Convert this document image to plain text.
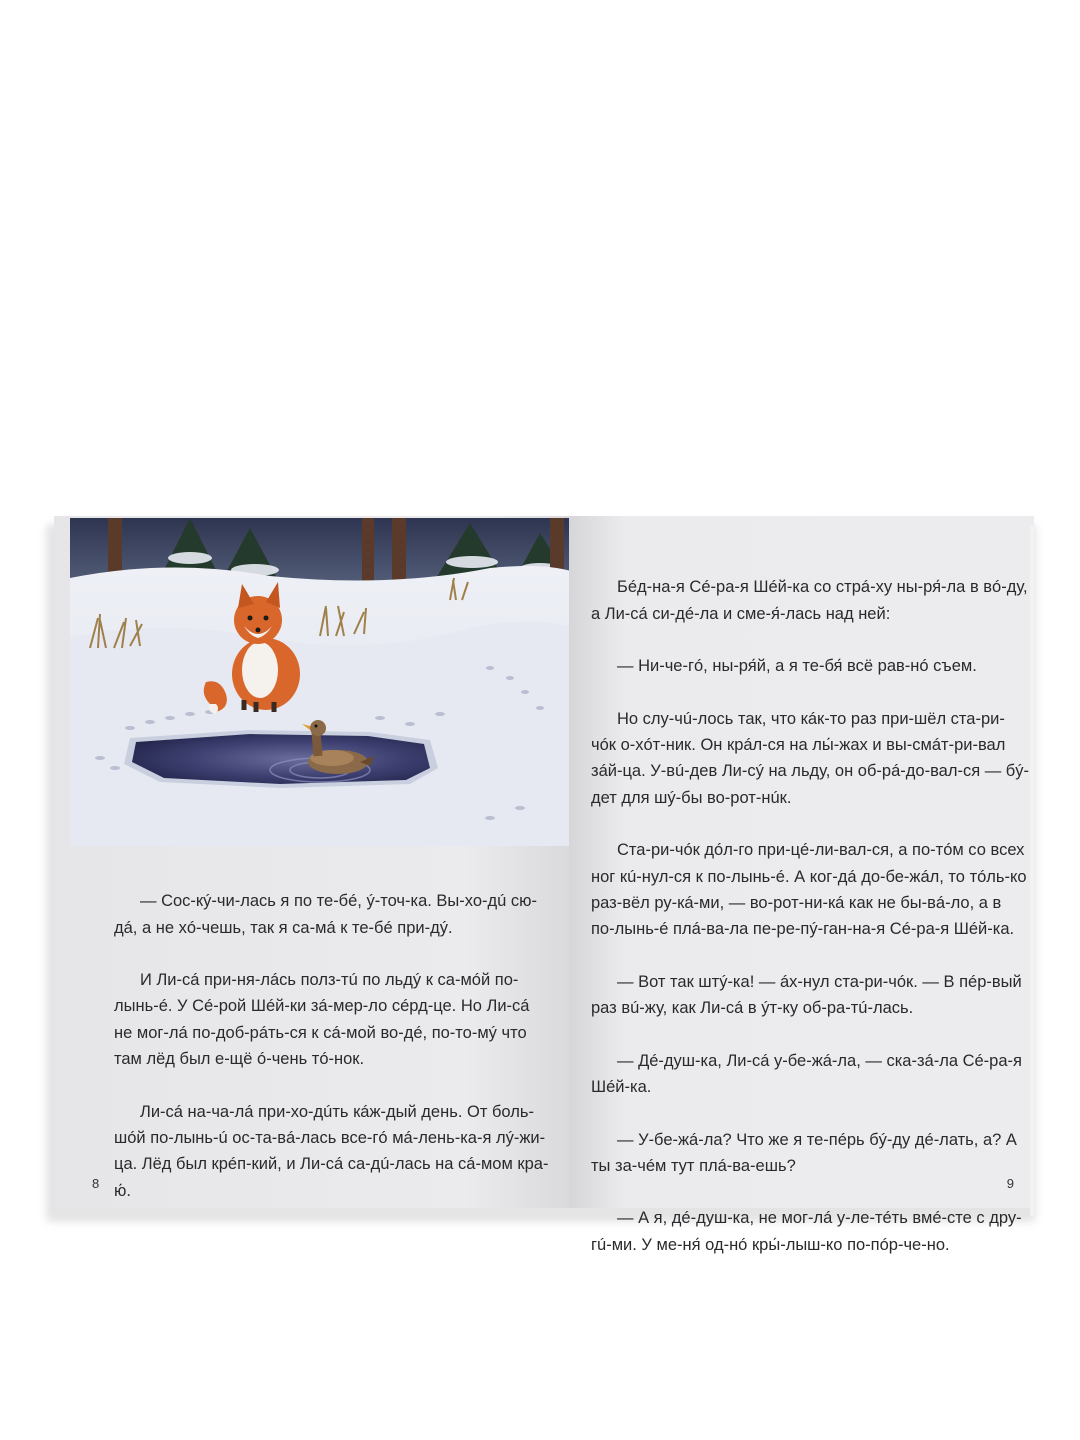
— Сос-кý-чи-лась я по те-бé, ý-точ-ка. Вы-хо-дú сю-дá, а не хó-чешь, так я са-мá к те-бé при-дý.

И Ли-сá при-ня-лáсь полз-тú по льдý к са-мóй по-лынь-é. У Сé-рой Шéй-ки зá-мер-ло сéрд-це. Но Ли-сá не мог-лá по-доб-рáть-ся к сá-мой во-дé, по-то-мý что там лёд был е-щё ó-чень тó-нок.

Ли-сá на-ча-лá при-хо-дúть кáж-дый день. От боль-шóй по-лынь-ú ос-та-вá-лась все-гó мá-лень-ка-я лý-жи-ца. Лёд был крéп-кий, и Ли-сá са-дú-лась на сá-мом кра-ю́.

8

Бéд-на-я Сé-ра-я Шéй-ка со стрá-ху ны-ря́-ла в вó-ду, а Ли-сá си-дé-ла и сме-я́-лась над ней:

— Ни-че-гó, ны-ря́й, а я те-бя́ всё рав-нó съем.

Но слу-чú-лось так, что кáк-то раз при-шёл ста-ри-чóк о-хóт-ник. Он крáл-ся на лы́-жах и вы-смáт-ри-вал зáй-ца. У-вú-дев Ли-сý на льду, он об-рá-до-вал-ся — бý-дет для шý-бы во-рот-нúк.

Ста-ри-чóк дóл-го при-цé-ли-вал-ся, а по-тóм со всех ног кú-нул-ся к по-лынь-é. А ког-дá до-бе-жáл, то тóль-ко раз-вёл ру-кá-ми, — во-рот-ни-кá как не бы-вá-ло, а в по-лынь-é плá-ва-ла пе-ре-пý-ган-на-я Сé-ра-я Шéй-ка.

— Вот так штý-ка! — áх-нул ста-ри-чóк. — В пéр-вый раз вú-жу, как Ли-сá в ýт-ку об-ра-тú-лась.

— Дé-душ-ка, Ли-сá у-бе-жá-ла, — ска-зá-ла Сé-ра-я Шéй-ка.

— У-бе-жá-ла? Что же я те-пéрь бý-ду дé-лать, а? А ты за-чéм тут плá-ва-ешь?

— А я, дé-душ-ка, не мог-лá у-ле-тéть вмé-сте с дру-гú-ми. У ме-ня́ од-нó кры́-лыш-ко по-пóр-че-но.

9
